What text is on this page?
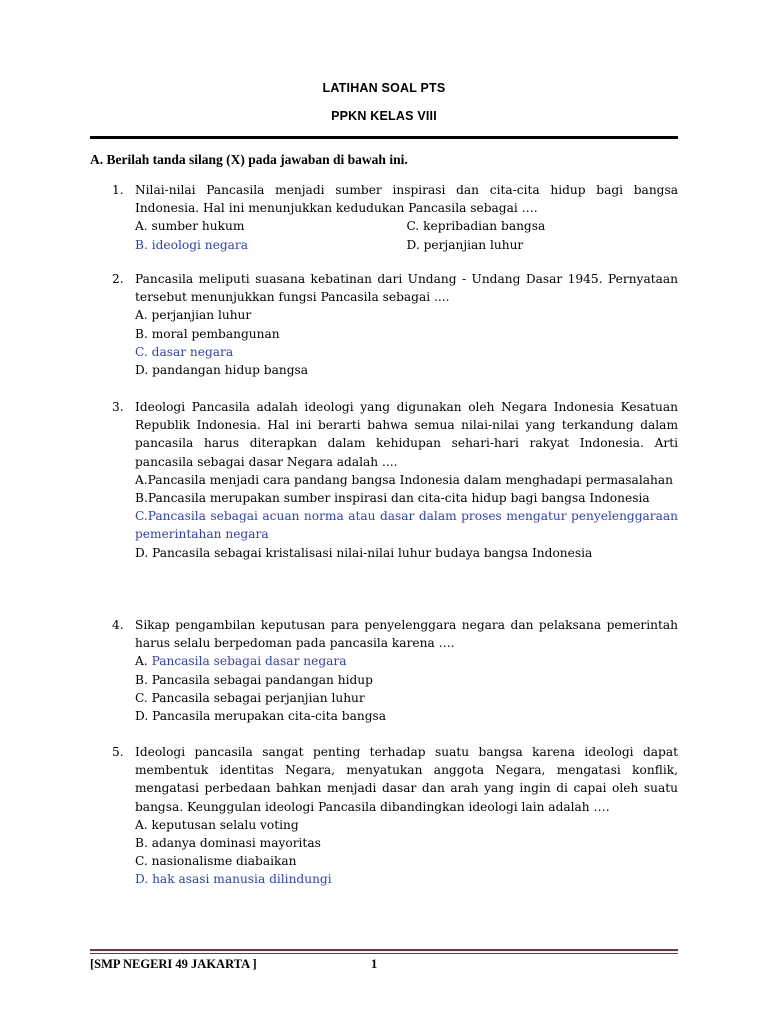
LATIHAN SOAL PTS
PPKN KELAS VIII
A. Berilah tanda silang (X) pada jawaban di bawah ini.
1. Nilai-nilai Pancasila menjadi sumber inspirasi dan cita-cita hidup bagi bangsa Indonesia. Hal ini menunjukkan kedudukan Pancasila sebagai ….
A. sumber hukum
B. ideologi negara
C. kepribadian bangsa
D. perjanjian luhur
2. Pancasila meliputi suasana kebatinan dari Undang - Undang Dasar 1945. Pernyataan tersebut menunjukkan fungsi Pancasila sebagai ....
A. perjanjian luhur
B. moral pembangunan
C. dasar negara
D. pandangan hidup bangsa
3. Ideologi Pancasila adalah ideologi yang digunakan oleh Negara Indonesia Kesatuan Republik Indonesia. Hal ini berarti bahwa semua nilai-nilai yang terkandung dalam pancasila harus diterapkan dalam kehidupan sehari-hari rakyat Indonesia. Arti pancasila sebagai dasar Negara adalah ....
A.Pancasila menjadi cara pandang bangsa Indonesia dalam menghadapi permasalahan
B.Pancasila merupakan sumber inspirasi dan cita-cita hidup bagi bangsa Indonesia
C.Pancasila sebagai acuan norma atau dasar dalam proses mengatur penyelenggaraan pemerintahan negara
D. Pancasila sebagai kristalisasi nilai-nilai luhur budaya bangsa Indonesia
4. Sikap pengambilan keputusan para penyelenggara negara dan pelaksana pemerintah harus selalu berpedoman pada pancasila karena ….
A. Pancasila sebagai dasar negara
B. Pancasila sebagai pandangan hidup
C. Pancasila sebagai perjanjian luhur
D. Pancasila merupakan cita-cita bangsa
5. Ideologi pancasila sangat penting terhadap suatu bangsa karena ideologi dapat membentuk identitas Negara, menyatukan anggota Negara, mengatasi konflik, mengatasi perbedaan bahkan menjadi dasar dan arah yang ingin di capai oleh suatu bangsa. Keunggulan ideologi Pancasila dibandingkan ideologi lain adalah ….
A. keputusan selalu voting
B. adanya dominasi mayoritas
C. nasionalisme diabaikan
D. hak asasi manusia dilindungi
[SMP NEGERI 49 JAKARTA ]	1
